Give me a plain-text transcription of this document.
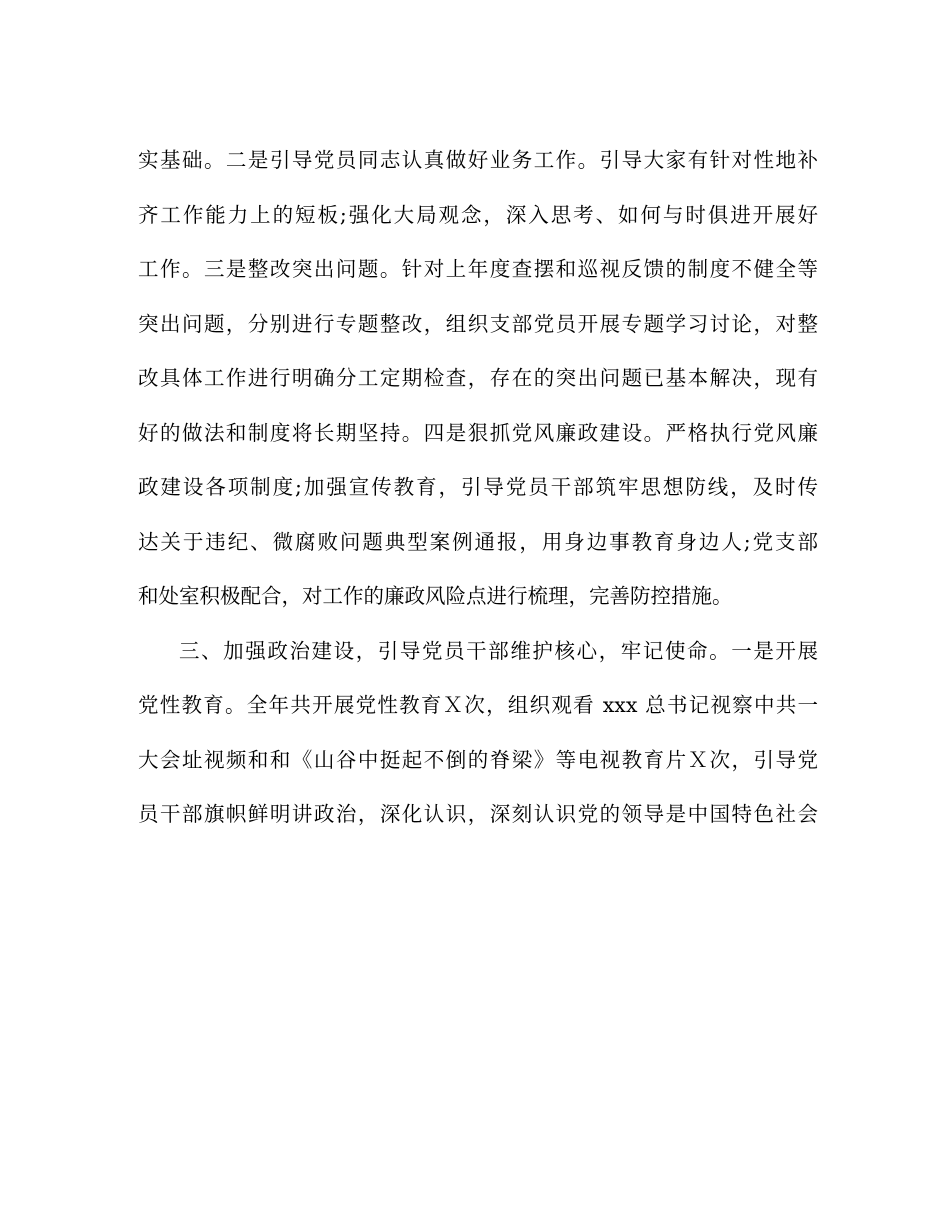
实基础。二是引导党员同志认真做好业务工作。引导大家有针对性地补
齐工作能力上的短板;强化大局观念，深入思考、如何与时俱进开展好
工作。三是整改突出问题。针对上年度查摆和巡视反馈的制度不健全等
突出问题，分别进行专题整改，组织支部党员开展专题学习讨论，对整
改具体工作进行明确分工定期检查，存在的突出问题已基本解决，现有
好的做法和制度将长期坚持。四是狠抓党风廉政建设。严格执行党风廉
政建设各项制度;加强宣传教育，引导党员干部筑牢思想防线，及时传
达关于违纪、微腐败问题典型案例通报，用身边事教育身边人;党支部
和处室积极配合，对工作的廉政风险点进行梳理，完善防控措施。
三、加强政治建设，引导党员干部维护核心，牢记使命。一是开展
党性教育。全年共开展党性教育Ｘ次，组织观看 xxx 总书记视察中共一
大会址视频和和《山谷中挺起不倒的脊梁》等电视教育片Ｘ次，引导党
员干部旗帜鲜明讲政治，深化认识，深刻认识党的领导是中国特色社会
